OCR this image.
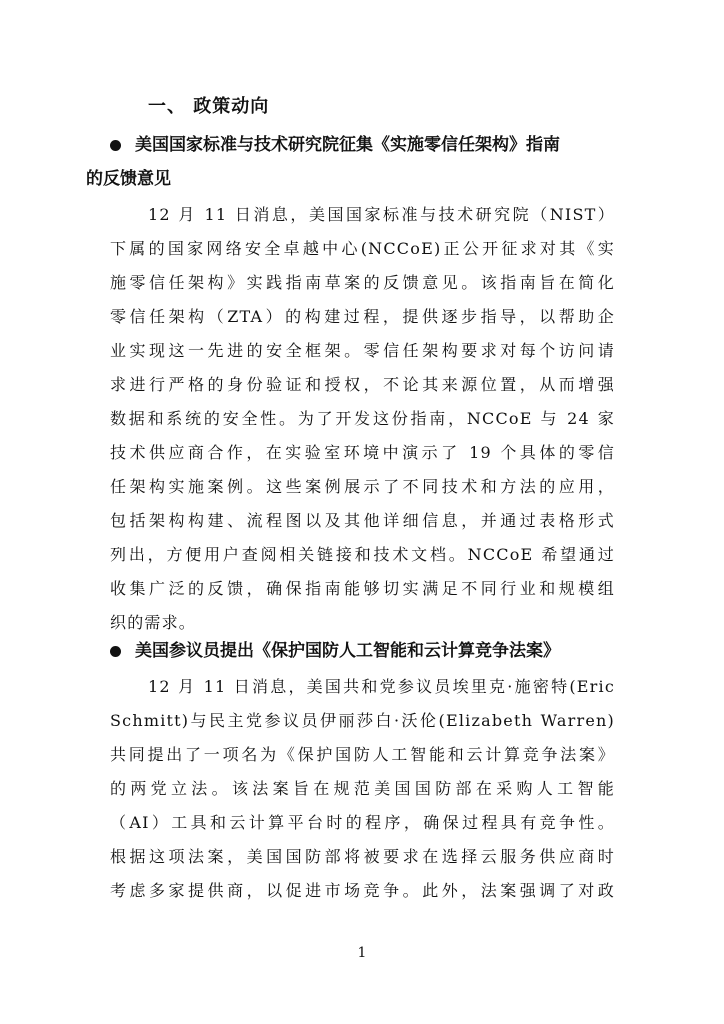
一、 政策动向
美国国家标准与技术研究院征集《实施零信任架构》指南
的反馈意见
12 月 11 日消息，美国国家标准与技术研究院（NIST）
下属的国家网络安全卓越中心(NCCoE)正公开征求对其《实
施零信任架构》实践指南草案的反馈意见。该指南旨在简化
零信任架构（ZTA）的构建过程，提供逐步指导，以帮助企
业实现这一先进的安全框架。零信任架构要求对每个访问请
求进行严格的身份验证和授权，不论其来源位置，从而增强
数据和系统的安全性。为了开发这份指南，NCCoE 与 24 家
技术供应商合作，在实验室环境中演示了 19 个具体的零信
任架构实施案例。这些案例展示了不同技术和方法的应用，
包括架构构建、流程图以及其他详细信息，并通过表格形式
列出，方便用户查阅相关链接和技术文档。NCCoE 希望通过
收集广泛的反馈，确保指南能够切实满足不同行业和规模组
织的需求。
美国参议员提出《保护国防人工智能和云计算竞争法案》
12 月 11 日消息，美国共和党参议员埃里克·施密特(Eric
Schmitt)与民主党参议员伊丽莎白·沃伦(Elizabeth Warren)
共同提出了一项名为《保护国防人工智能和云计算竞争法案》
的两党立法。该法案旨在规范美国国防部在采购人工智能
（AI）工具和云计算平台时的程序，确保过程具有竞争性。
根据这项法案，美国国防部将被要求在选择云服务供应商时
考虑多家提供商，以促进市场竞争。此外，法案强调了对政
1
